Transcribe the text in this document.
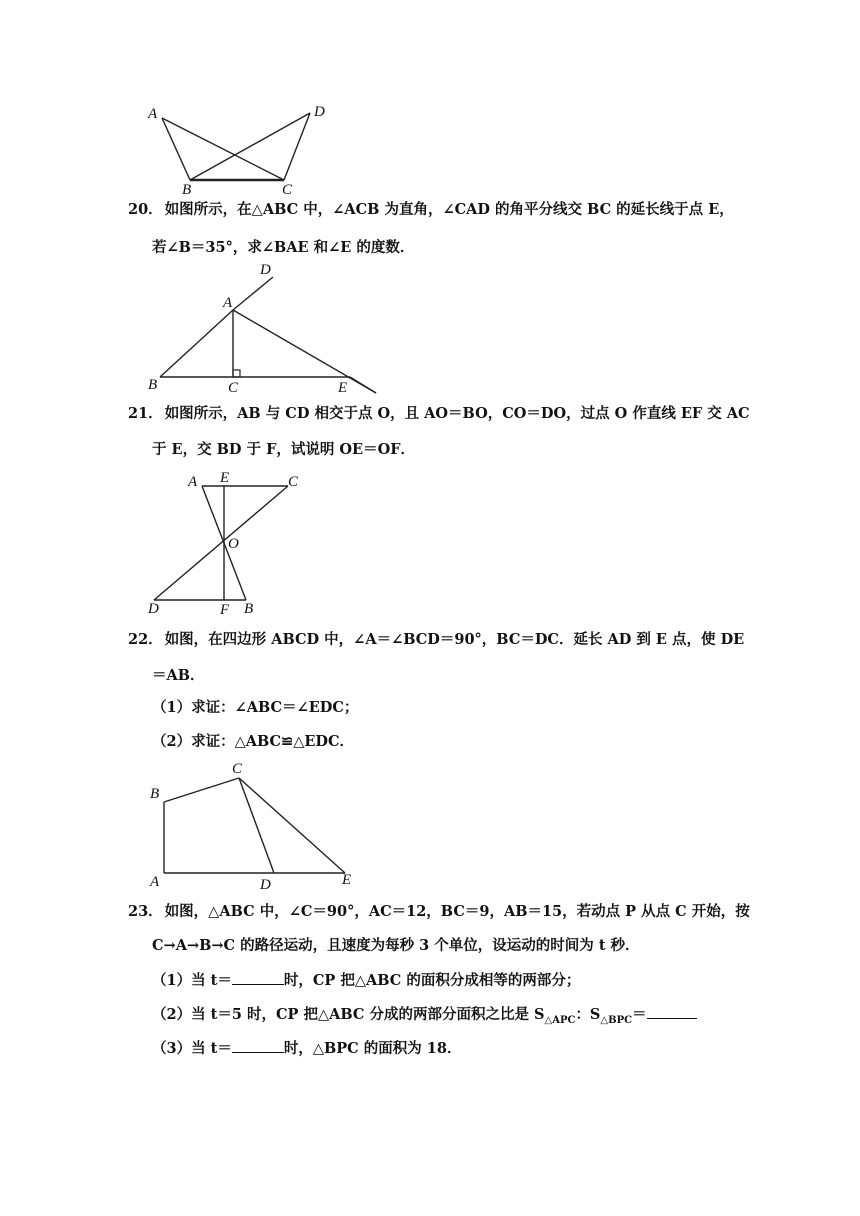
A
B	C
D
20． 如图所示，在△ABC 中，∠ACB 为直角，∠CAD 的角平分线交 BC 的延长线于点 E，
若∠B＝35°，求∠BAE 和∠E 的度数．
A
B	C
D
E
21． 如图所示，AB 与 CD 相交于点 O，且 AO＝BO，CO＝DO，过点 O 作直线 EF 交 AC
于 E，交 BD 于 F，试说明 OE＝OF．
A E	C
O
D	F B
22． 如图，在四边形 ABCD 中，∠A＝∠BCD＝90°，BC＝DC．延长 AD 到 E 点，使 DE
＝AB．
（1）求证：∠ABC＝∠EDC；
（2）求证：△ABC≌△EDC．
B
C
A	D	E
23． 如图，△ABC 中，∠C＝90°，AC＝12，BC＝9，AB＝15，若动点 P 从点 C 开始，按
C→A→B→C 的路径运动，且速度为每秒 3 个单位，设运动的时间为 t 秒．
（1）当 t＝	时，CP 把△ABC 的面积分成相等的两部分；
（2）当 t＝5 时，CP 把△ABC 分成的两部分面积之比是 $S_{\triangle APC}$：$S_{\triangle BPC}=$
（3）当 t＝	时，△BPC 的面积为 18．
